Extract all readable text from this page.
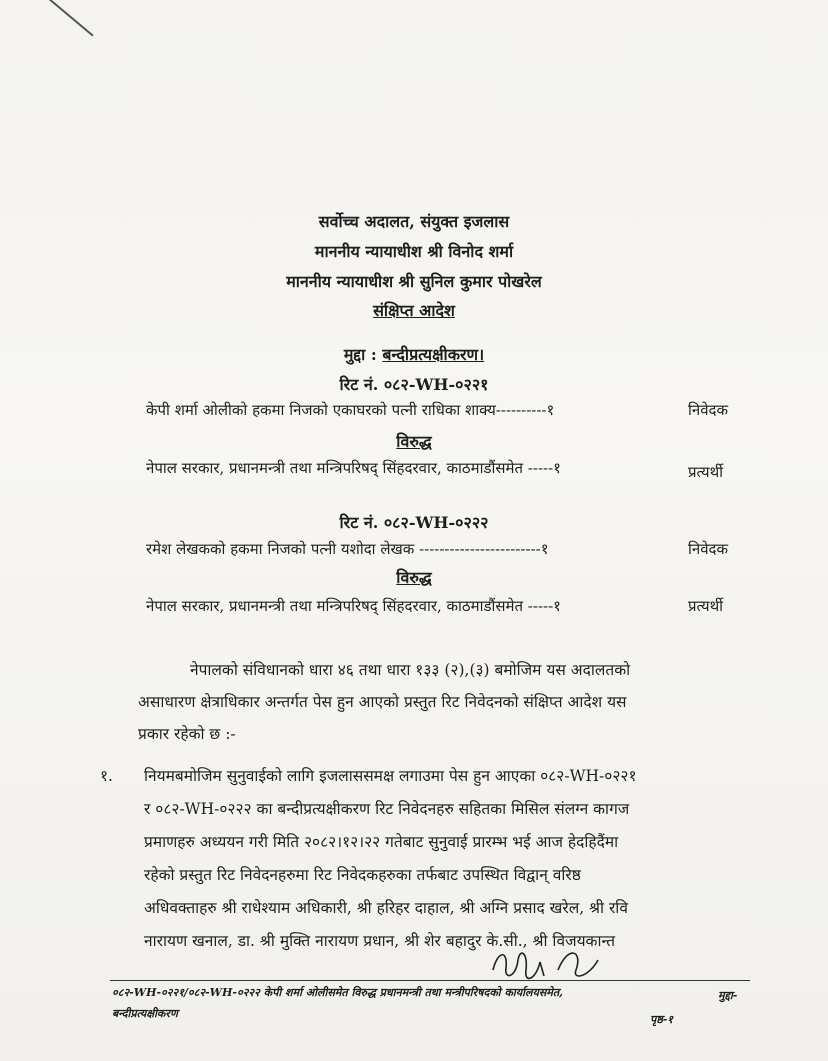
सर्वोच्च अदालत, संयुक्त इजलास
माननीय न्यायाधीश श्री विनोद शर्मा
माननीय न्यायाधीश श्री सुनिल कुमार पोखरेल
संक्षिप्त आदेश
मुद्दा : बन्दीप्रत्यक्षीकरण।
रिट नं. ०८२-WH-०२२१
केपी शर्मा ओलीको हकमा निजको एकाघरको पत्नी राधिका शाक्य----------१	निवेदक
विरुद्ध
नेपाल सरकार, प्रधानमन्त्री तथा मन्त्रिपरिषद् सिंहदरवार, काठमाडौंसमेत -----१	प्रत्यर्थी
रिट नं. ०८२-WH-०२२२
रमेश लेखकको हकमा निजको पत्नी यशोदा लेखक ------------------------१	निवेदक
विरुद्ध
नेपाल सरकार, प्रधानमन्त्री तथा मन्त्रिपरिषद् सिंहदरवार, काठमाडौंसमेत -----१	प्रत्यर्थी
नेपालको संविधानको धारा ४६ तथा धारा १३३ (२),(३) बमोजिम यस अदालतको
असाधारण क्षेत्राधिकार अन्तर्गत पेस हुन आएको प्रस्तुत रिट निवेदनको संक्षिप्त आदेश यस
प्रकार रहेको छ :-
१. नियमबमोजिम सुनुवाईको लागि इजलाससमक्ष लगाउमा पेस हुन आएका ०८२-WH-०२२१
र ०८२-WH-०२२२ का बन्दीप्रत्यक्षीकरण रिट निवेदनहरु सहितका मिसिल संलग्न कागज
प्रमाणहरु अध्ययन गरी मिति २०८२।१२।२२ गतेबाट सुनुवाई प्रारम्भ भई आज हेदहिदैंमा
रहेको प्रस्तुत रिट निवेदनहरुमा रिट निवेदकहरुका तर्फबाट उपस्थित विद्वान् वरिष्ठ
अधिवक्ताहरु श्री राधेश्याम अधिकारी, श्री हरिहर दाहाल, श्री अग्नि प्रसाद खरेल, श्री रवि
नारायण खनाल, डा. श्री मुक्ति नारायण प्रधान, श्री शेर बहादुर के.सी., श्री विजयकान्त
०८२-WH-०२२१/०८२-WH-०२२२ केपी शर्मा ओलीसमेत विरुद्ध प्रधानमन्त्री तथा मन्त्रीपरिषदको कार्यालयसमेत,	मुद्दा-
बन्दीप्रत्यक्षीकरण	पृष्ठ-१
